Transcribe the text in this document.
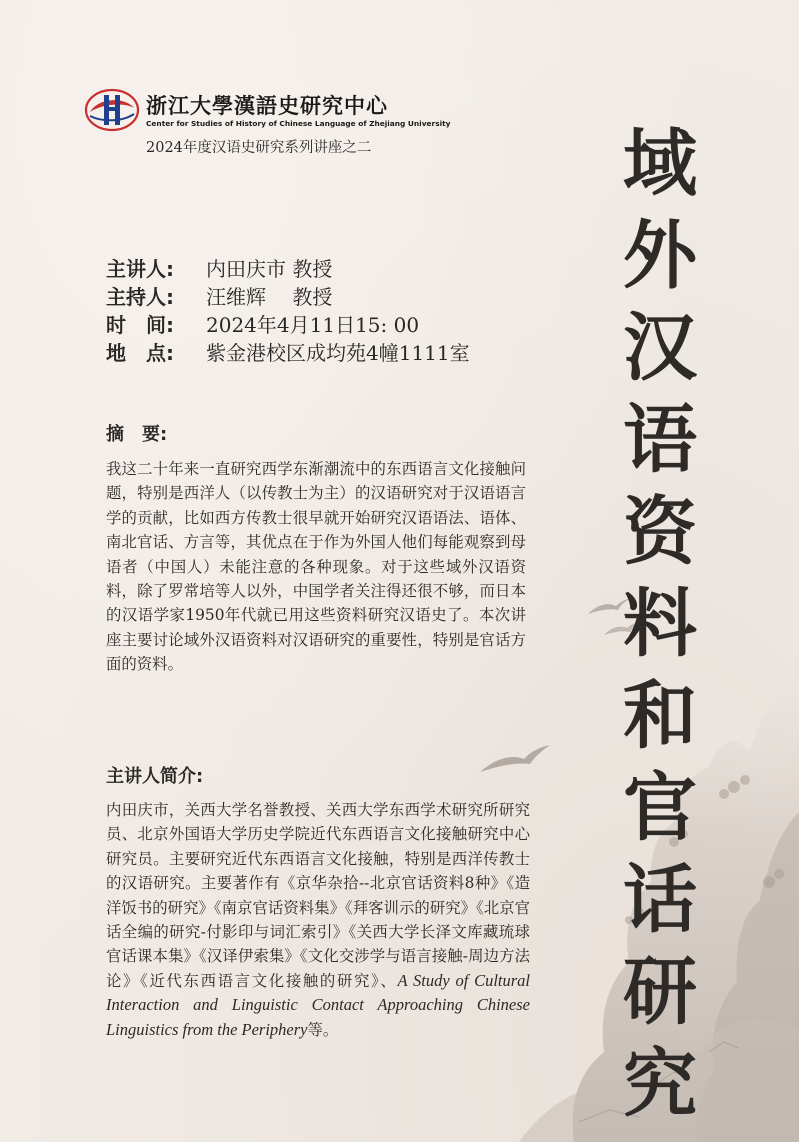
浙江大學漢語史研究中心
Center for Studies of History of Chinese Language of Zhejiang University
2024年度汉语史研究系列讲座之二
主讲人:	内田庆市 教授
主持人:	汪维辉　 教授
时　间:	2024年4月11日15: 00
地　点:	紫金港校区成均苑4幢1111室
摘　要:
我这二十年来一直研究西学东渐潮流中的东西语言文化接触问题，特别是西洋人（以传教士为主）的汉语研究对于汉语语言学的贡献，比如西方传教士很早就开始研究汉语语法、语体、南北官话、方言等，其优点在于作为外国人他们每能观察到母语者（中国人）未能注意的各种现象。对于这些域外汉语资料，除了罗常培等人以外，中国学者关注得还很不够，而日本的汉语学家1950年代就已用这些资料研究汉语史了。本次讲座主要讨论域外汉语资料对汉语研究的重要性，特别是官话方面的资料。
主讲人简介:
内田庆市，关西大学名誉教授、关西大学东西学术研究所研究员、北京外国语大学历史学院近代东西语言文化接触研究中心研究员。主要研究近代东西语言文化接触，特别是西洋传教士的汉语研究。主要著作有《京华杂拾--北京官话资料8种》《造洋饭书的研究》《南京官话资料集》《拜客训示的研究》《北京官话全编的研究-付影印与词汇索引》《关西大学长泽文库藏琉球官话课本集》《汉译伊索集》《文化交涉学与语言接触-周边方法论》《近代东西语言文化接触的研究》、A Study of Cultural Interaction and Linguistic Contact Approaching Chinese Linguistics from the Periphery等。
域外汉语资料和官话研究
